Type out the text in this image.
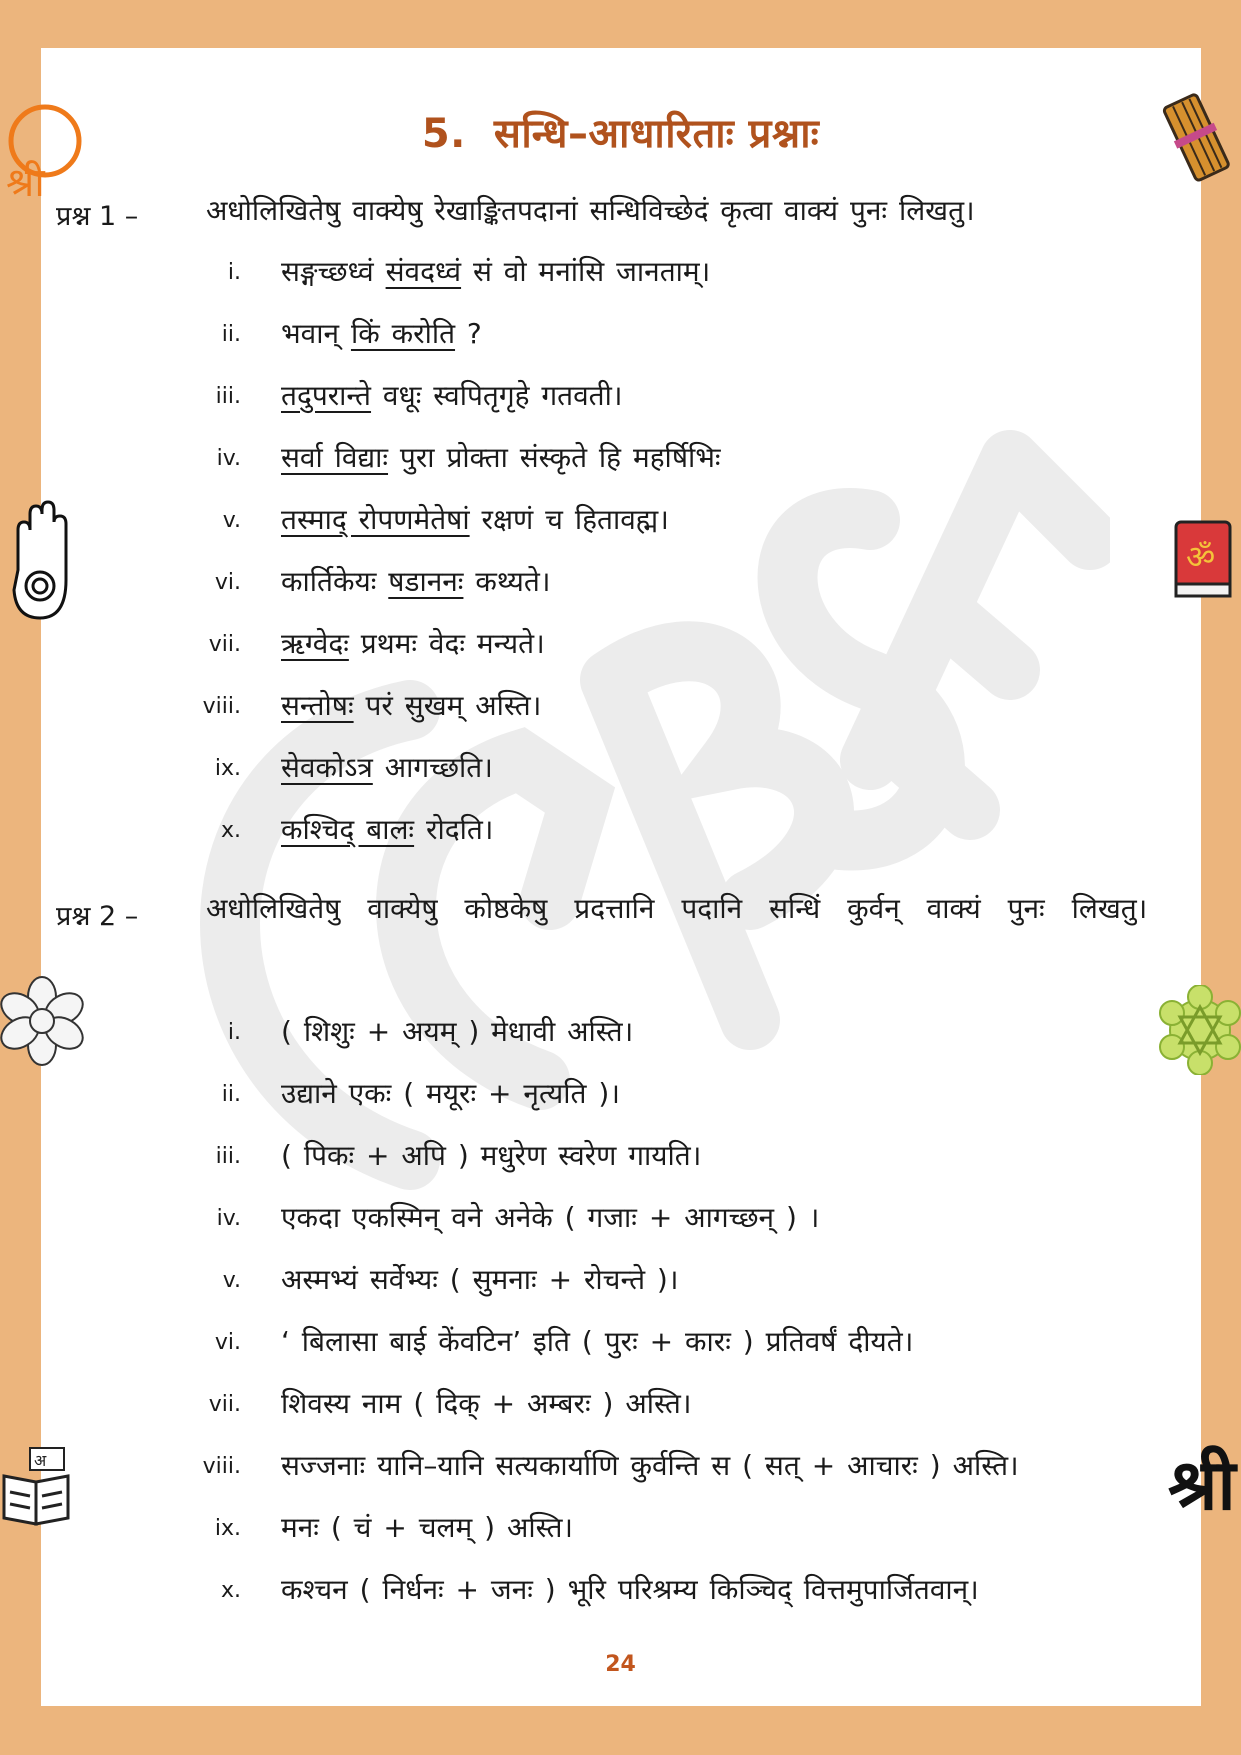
5. सन्धि–आधारिताः प्रश्नाः
श्री
ॐ
अ	श्री
प्रश्न 1 – अधोलिखितेषु वाक्येषु रेखाङ्कितपदानां सन्धिविच्छेदं कृत्वा वाक्यं पुनः लिखतु।
i. सङ्गच्छध्वं संवदध्वं सं वो मनांसि जानताम्।
ii. भवान् किं करोति ?
iii. तदुपरान्ते वधूः स्वपितृगृहे गतवती।
iv. सर्वा विद्याः पुरा प्रोक्ता संस्कृते हि महर्षिभिः
v. तस्माद् रोपणमेतेषां रक्षणं च हितावह्म।
vi. कार्तिकेयः षडाननः कथ्यते।
vii. ऋग्वेदः प्रथमः वेदः मन्यते।
viii. सन्तोषः परं सुखम् अस्ति।
ix. सेवकोऽत्र आगच्छति।
x. कश्चिद् बालः रोदति।
प्रश्न 2 – अधोलिखितेषु वाक्येषु कोष्ठकेषु प्रदत्तानि पदानि सन्धिं कुर्वन् वाक्यं पुनः लिखतु।
i. ( शिशुः + अयम् ) मेधावी अस्ति।
ii. उद्याने एकः ( मयूरः + नृत्यति )।
iii. ( पिकः + अपि ) मधुरेण स्वरेण गायति।
iv. एकदा एकस्मिन् वने अनेके ( गजाः + आगच्छन् ) ।
v. अस्मभ्यं सर्वेभ्यः ( सुमनाः + रोचन्ते )।
vi. ‘ बिलासा बाई केंवटिन’ इति ( पुरः + कारः ) प्रतिवर्षं दीयते।
vii. शिवस्य नाम ( दिक् + अम्बरः ) अस्ति।
viii. सज्जनाः यानि–यानि सत्यकार्याणि कुर्वन्ति स ( सत् + आचारः ) अस्ति।
ix. मनः ( चं + चलम् ) अस्ति।
x. कश्चन ( निर्धनः + जनः ) भूरि परिश्रम्य किञ्चिद् वित्तमुपार्जितवान्।
24
